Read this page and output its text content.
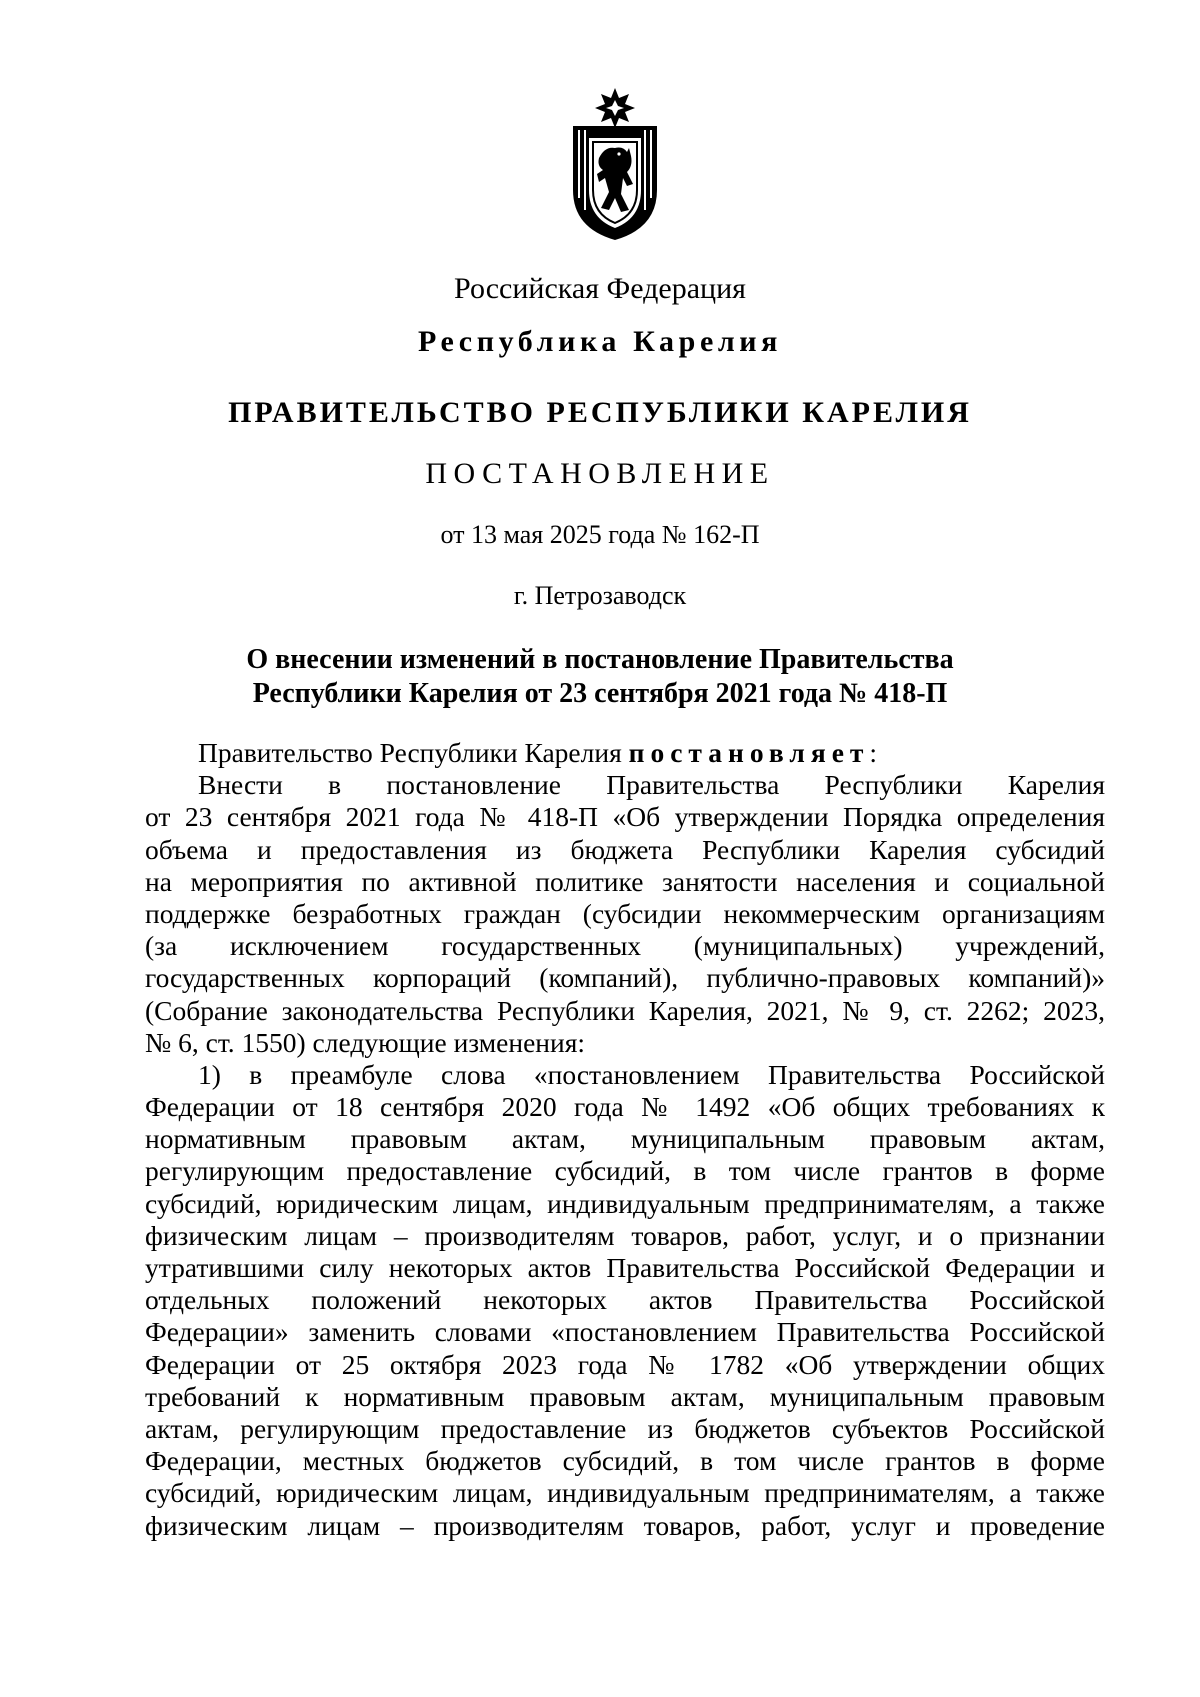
Российская Федерация
Республика Карелия
ПРАВИТЕЛЬСТВО РЕСПУБЛИКИ КАРЕЛИЯ
ПОСТАНОВЛЕНИЕ
от 13 мая 2025 года № 162-П
г. Петрозаводск
О внесении изменений в постановление Правительства
Республики Карелия от 23 сентября 2021 года № 418-П
Правительство Республики Карелия постановляет:
Внести в постановление Правительства Республики Карелия
от 23 сентября 2021 года № 418-П «Об утверждении Порядка определения
объема и предоставления из бюджета Республики Карелия субсидий
на мероприятия по активной политике занятости населения и социальной
поддержке безработных граждан (субсидии некоммерческим организациям
(за исключением государственных (муниципальных) учреждений,
государственных корпораций (компаний), публично-правовых компаний)»
(Собрание законодательства Республики Карелия, 2021, № 9, ст. 2262; 2023,
№ 6, ст. 1550) следующие изменения:
1) в преамбуле слова «постановлением Правительства Российской
Федерации от 18 сентября 2020 года № 1492 «Об общих требованиях к
нормативным правовым актам, муниципальным правовым актам,
регулирующим предоставление субсидий, в том числе грантов в форме
субсидий, юридическим лицам, индивидуальным предпринимателям, а также
физическим лицам – производителям товаров, работ, услуг, и о признании
утратившими силу некоторых актов Правительства Российской Федерации и
отдельных положений некоторых актов Правительства Российской
Федерации» заменить словами «постановлением Правительства Российской
Федерации от 25 октября 2023 года № 1782 «Об утверждении общих
требований к нормативным правовым актам, муниципальным правовым
актам, регулирующим предоставление из бюджетов субъектов Российской
Федерации, местных бюджетов субсидий, в том числе грантов в форме
субсидий, юридическим лицам, индивидуальным предпринимателям, а также
физическим лицам – производителям товаров, работ, услуг и проведение
